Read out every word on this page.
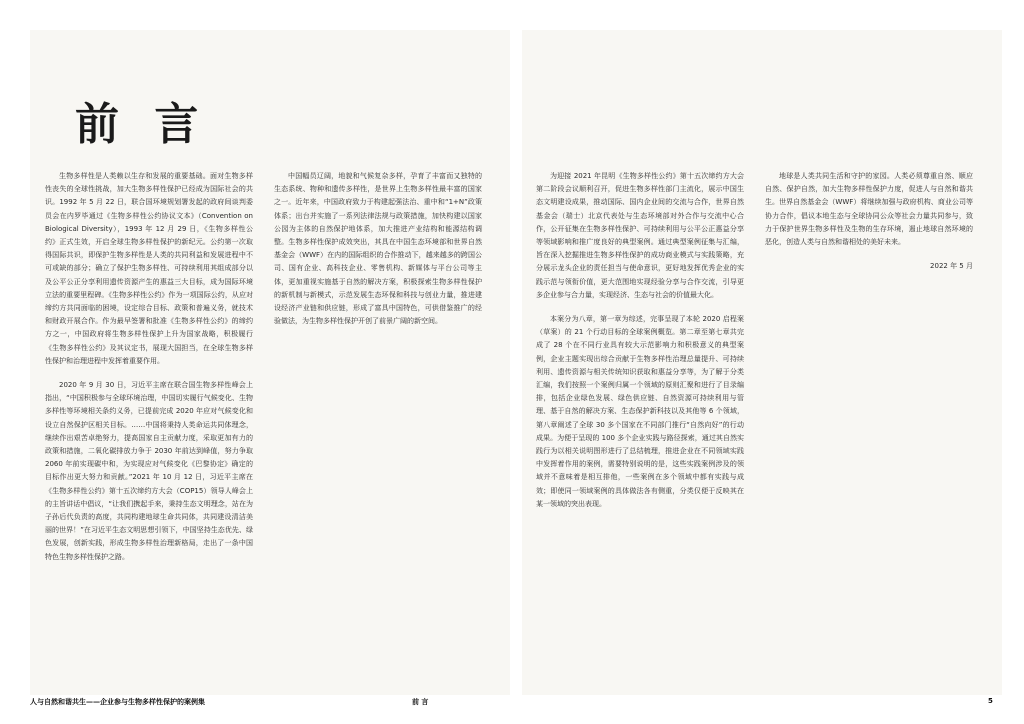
前 言

生物多样性是人类赖以生存和发展的重要基础。面对生物多样性丧失的全球性挑战，加大生物多样性保护已经成为国际社会的共识。1992 年 5 月 22 日，联合国环境规划署发起的政府间谈判委员会在内罗毕通过《生物多样性公约协议文本》（Convention on Biological Diversity），1993 年 12 月 29 日，《生物多样性公约》正式生效，开启全球生物多样性保护的新纪元。公约第一次取得国际共识，即保护生物多样性是人类的共同利益和发展进程中不可或缺的部分；确立了保护生物多样性、可持续利用其组成部分以及公平公正分享利用遗传资源产生的惠益三大目标，成为国际环境立法的重要里程碑。《生物多样性公约》作为一项国际公约，从应对缔约方共同面临的困境，设定综合目标、政策和普遍义务，就技术和财政开展合作。作为最早签署和批准《生物多样性公约》的缔约方之一，中国政府将生物多样性保护上升为国家战略，积极履行《生物多样性公约》及其议定书，展现大国担当，在全球生物多样性保护和治理进程中发挥着重要作用。

2020 年 9 月 30 日，习近平主席在联合国生物多样性峰会上指出，“中国积极参与全球环境治理，中国切实履行气候变化、生物多样性等环境相关条约义务，已提前完成 2020 年应对气候变化和设立自然保护区相关目标。……中国将秉持人类命运共同体理念，继续作出艰苦卓绝努力，提高国家自主贡献力度，采取更加有力的政策和措施，二氧化碳排放力争于 2030 年前达到峰值，努力争取 2060 年前实现碳中和，为实现应对气候变化《巴黎协定》确定的目标作出更大努力和贡献。”2021 年 10 月 12 日，习近平主席在《生物多样性公约》第十五次缔约方大会（COP15）领导人峰会上的主旨讲话中倡议，“让我们携起手来，秉持生态文明理念，站在为子孙后代负责的高度，共同构建地球生命共同体，共同建设清洁美丽的世界！”在习近平生态文明思想引领下，中国坚持生态优先、绿色发展，创新实践，形成生物多样性治理新格局，走出了一条中国特色生物多样性保护之路。

中国幅员辽阔，地貌和气候复杂多样，孕育了丰富而又独特的生态系统、物种和遗传多样性，是世界上生物多样性最丰富的国家之一。近年来，中国政府致力于构建起强法治、重中和“1+N”政策体系；出台并实施了一系列法律法规与政策措施，加快构建以国家公园为主体的自然保护地体系，加大推进产业结构和能源结构调整。生物多样性保护成效突出，其具在中国生态环境部和世界自然基金会（WWF）在内的国际组织的合作推动下，越来越多的跨国公司、国有企业、高科技企业、零售机构、新媒体与平台公司等主体，更加重视实施基于自然的解决方案，积极探索生物多样性保护的新机制与新模式，示范发展生态环保和科技与创业力量，推进建设经济产业链和供应链，形成了富具中国特色，可供借鉴推广的经验做法，为生物多样性保护开创了前景广阔的新空间。

为迎接 2021 年昆明《生物多样性公约》第十五次缔约方大会第二阶段会议顺利召开，促进生物多样性部门主流化，展示中国生态文明建设成果，推动国际、国内企业间的交流与合作，世界自然基金会（瑞士）北京代表处与生态环境部对外合作与交流中心合作，公开征集在生物多样性保护、可持续利用与公平公正惠益分享等领域影响和推广度良好的典型案例。通过典型案例征集与汇编，旨在深入挖掘推进生物多样性保护的成功商业模式与实践策略，充分展示龙头企业的责任担当与使命意识，更好地发挥优秀企业的实践示范与领衔价值，更大范围地实现经验分享与合作交流，引导更多企业参与合力量，实现经济、生态与社会的价值最大化。

本案分为八章，第一章为综述，完事呈现了本轮 2020 启程案（草案）的 21 个行动目标的全球案例概览。第二章至第七章共完成了 28 个在不同行业具有较大示范影响力和积极意义的典型案例，企业主题实现出综合贡献于生物多样性治理总量提升、可持续利用、遗传资源与相关传统知识获取和惠益分享等，为了解于分类汇编，我们按照一个案例归属一个领域的原则汇聚和进行了目录编排，包括企业绿色发展、绿色供应链、自然资源可持续利用与管理、基于自然的解决方案、生态保护新科技以及其他等 6 个领域，第八章阐述了全球 30 多个国家在不同部门推行“自然向好”的行动成果。为便于呈现的 100 多个企业实践与路径探索，通过其自然实践行为以相关说明图形进行了总结梳理，推进企业在不同领域实践中发挥着作用的案例，需要特别说明的是，这些实践案例涉及的领域并不意味着是相互排他，一些案例在多个领域中都有实践与成效；即使同一领域案例的具体做法各有侧重，分类仅便于反映其在某一领域的突出表现。

地球是人类共同生活和守护的家园。人类必须尊重自然、顺应自然、保护自然，加大生物多样性保护力度，促进人与自然和谐共生。世界自然基金会（WWF）将继续加强与政府机构、商业公司等协力合作，倡议本地生态与全球协同公众等社会力量共同参与，致力于保护世界生物多样性及生物的生存环境，遏止地球自然环境的恶化，创造人类与自然和谐相处的美好未来。

2022 年 5 月

人与自然和谐共生——企业参与生物多样性保护的案例集	前 言	5
